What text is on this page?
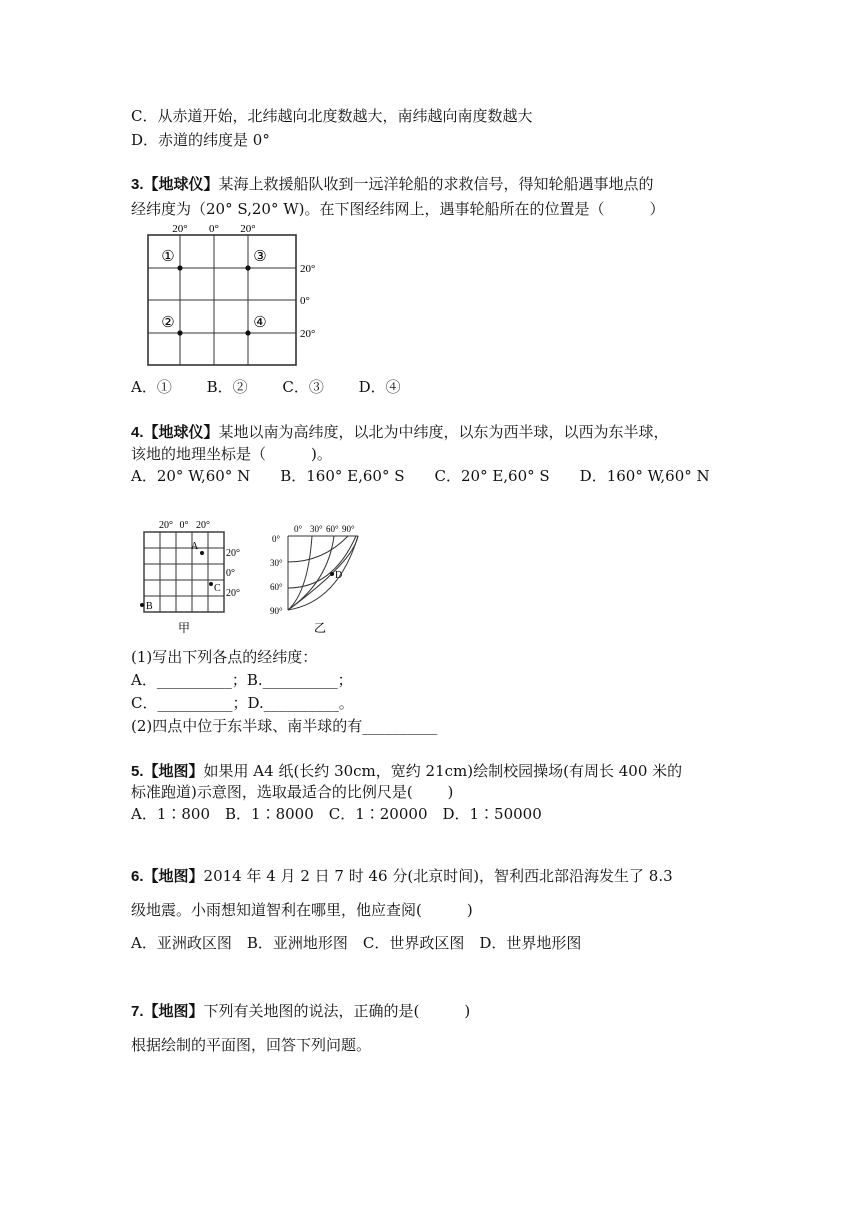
C．从赤道开始，北纬越向北度数越大，南纬越向南度数越大
D．赤道的纬度是 0°
3.【地球仪】某海上救援船队收到一远洋轮船的求救信号，得知轮船遇事地点的
经纬度为（20° S,20° W)。在下图经纬网上，遇事轮船所在的位置是（　　　）
20° 0° 20°
20°
0°
20°
①
②
③
④
A．①　　 B．②　　 C．③　　 D．④
4.【地球仪】某地以南为高纬度，以北为中纬度，以东为西半球，以西为东半球，
该地的地理坐标是（　　　)。
A．20° W,60° N　　B．160° E,60° S　　C．20° E,60° S　　D．160° W,60° N
20° 0° 20°
20°
0°
20°
A
B
C
甲
0° 30° 60° 90°
0°
30°
60°
90°
D
乙
(1)写出下列各点的经纬度：
A．__________；B.__________；
C．__________；D.__________。
(2)四点中位于东半球、南半球的有__________
5.【地图】如果用 A4 纸(长约 30cm，宽约 21cm)绘制校园操场(有周长 400 米的
标准跑道)示意图，选取最适合的比例尺是(　　 )
A．1∶800　B．1∶8000　C．1∶20000　D．1∶50000
6.【地图】2014 年 4 月 2 日 7 时 46 分(北京时间)，智利西北部沿海发生了 8.3
级地震。小雨想知道智利在哪里，他应查阅(　　　)
A．亚洲政区图　B．亚洲地形图　C．世界政区图　D．世界地形图
7.【地图】下列有关地图的说法，正确的是(　　　)
根据绘制的平面图，回答下列问题。
